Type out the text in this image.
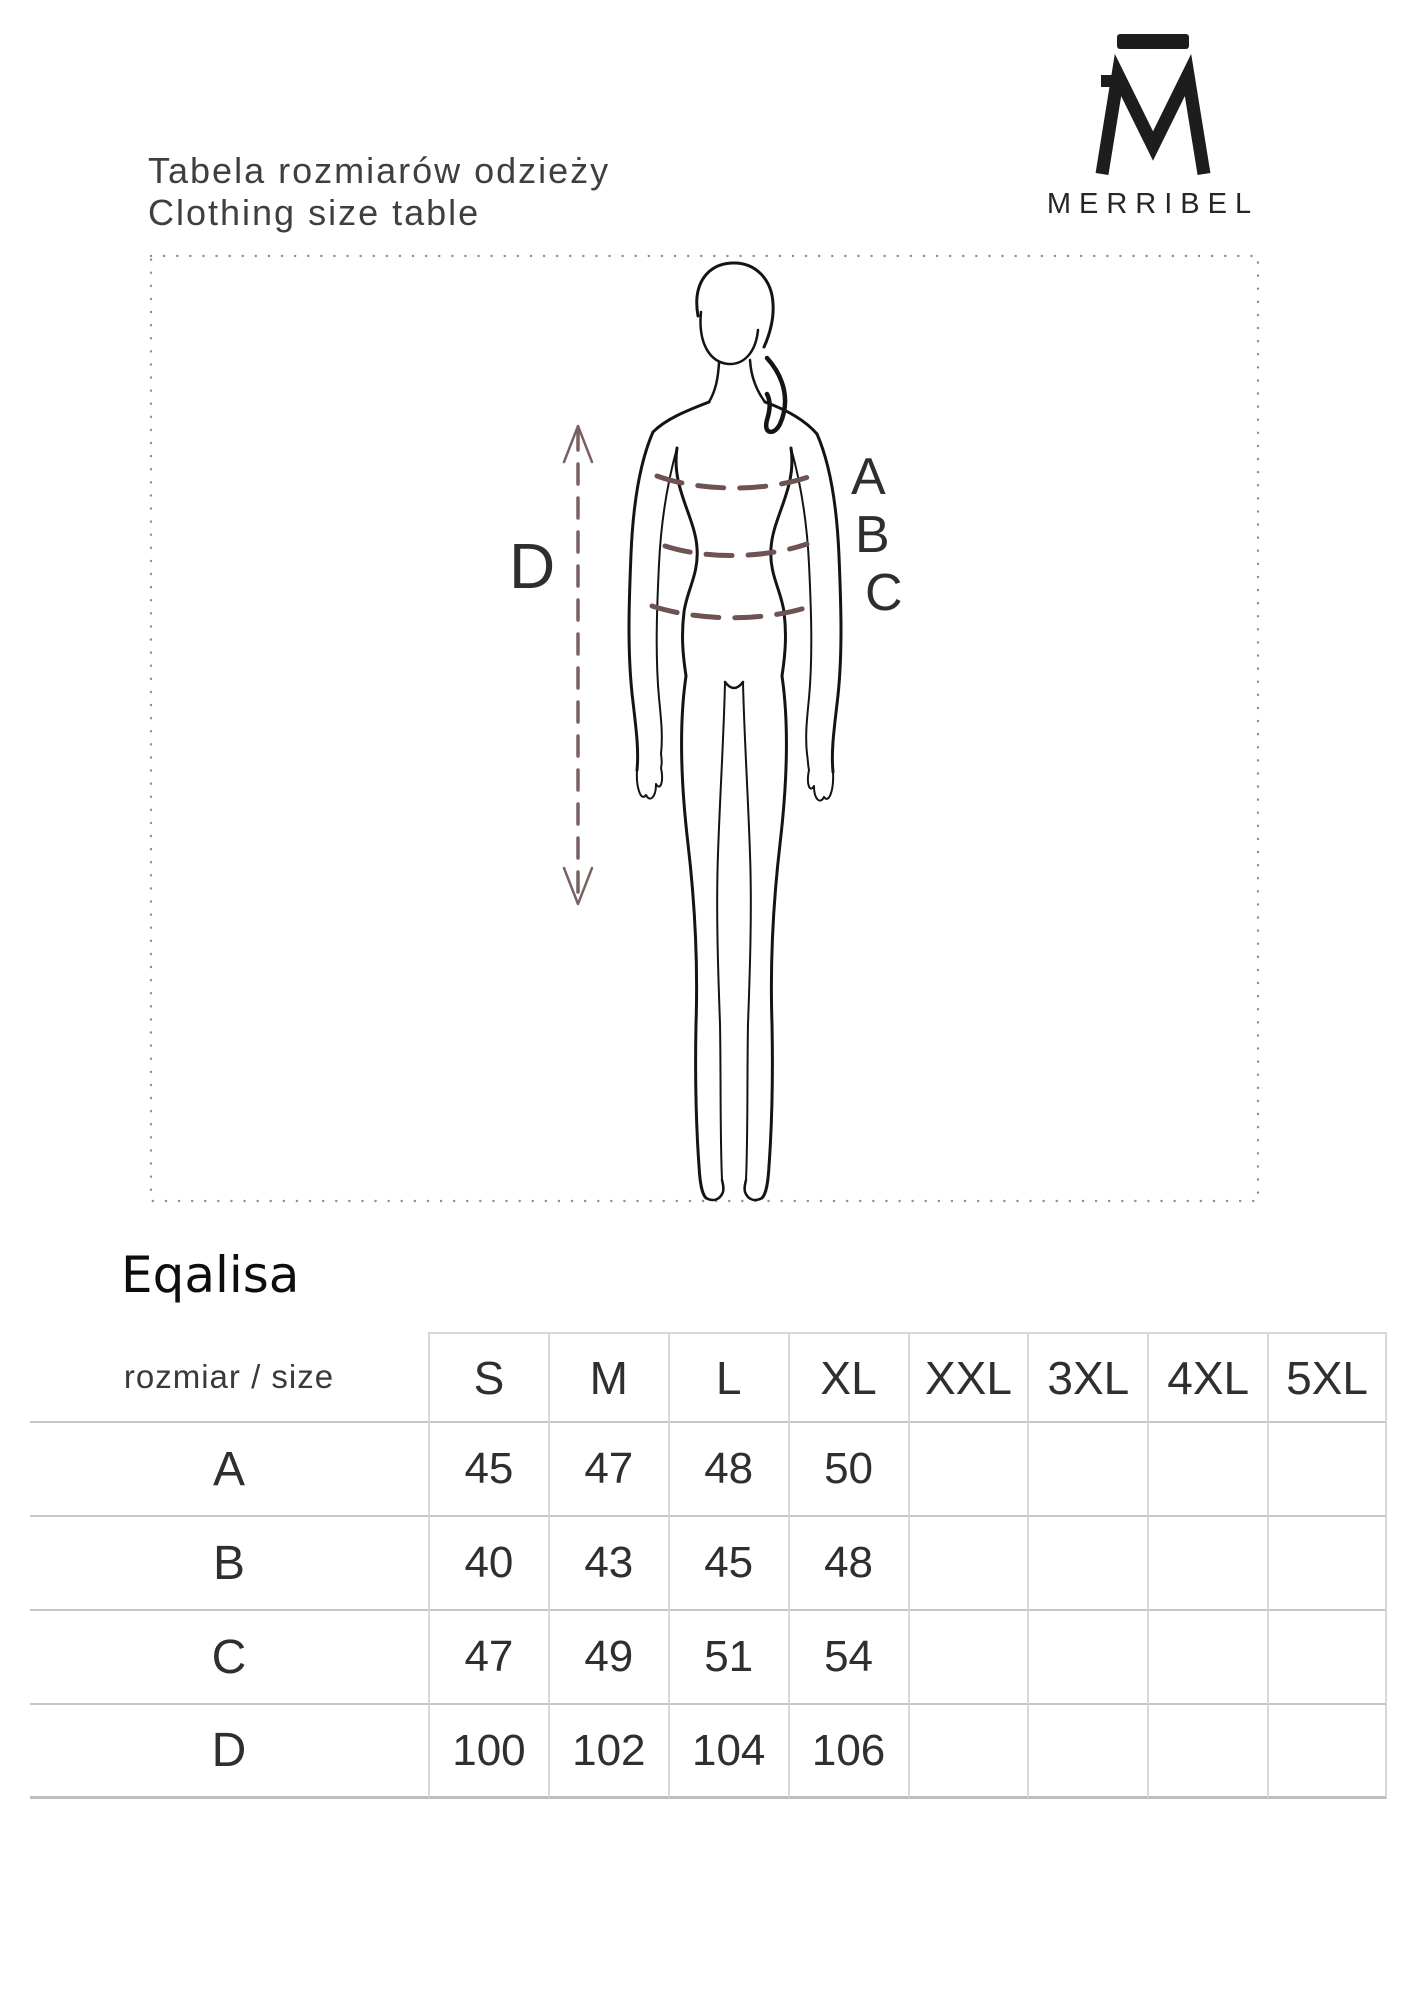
Tabela rozmiarów odzieży
Clothing size table	MERRIBEL
A
B
C
D
Eqalisa
rozmiar / size	S	M	L	XL	XXL 3XL 4XL 5XL
A	45	47	48	50
B	40	43	45	48
C	47	49	51	54
D	100	102	104	106
